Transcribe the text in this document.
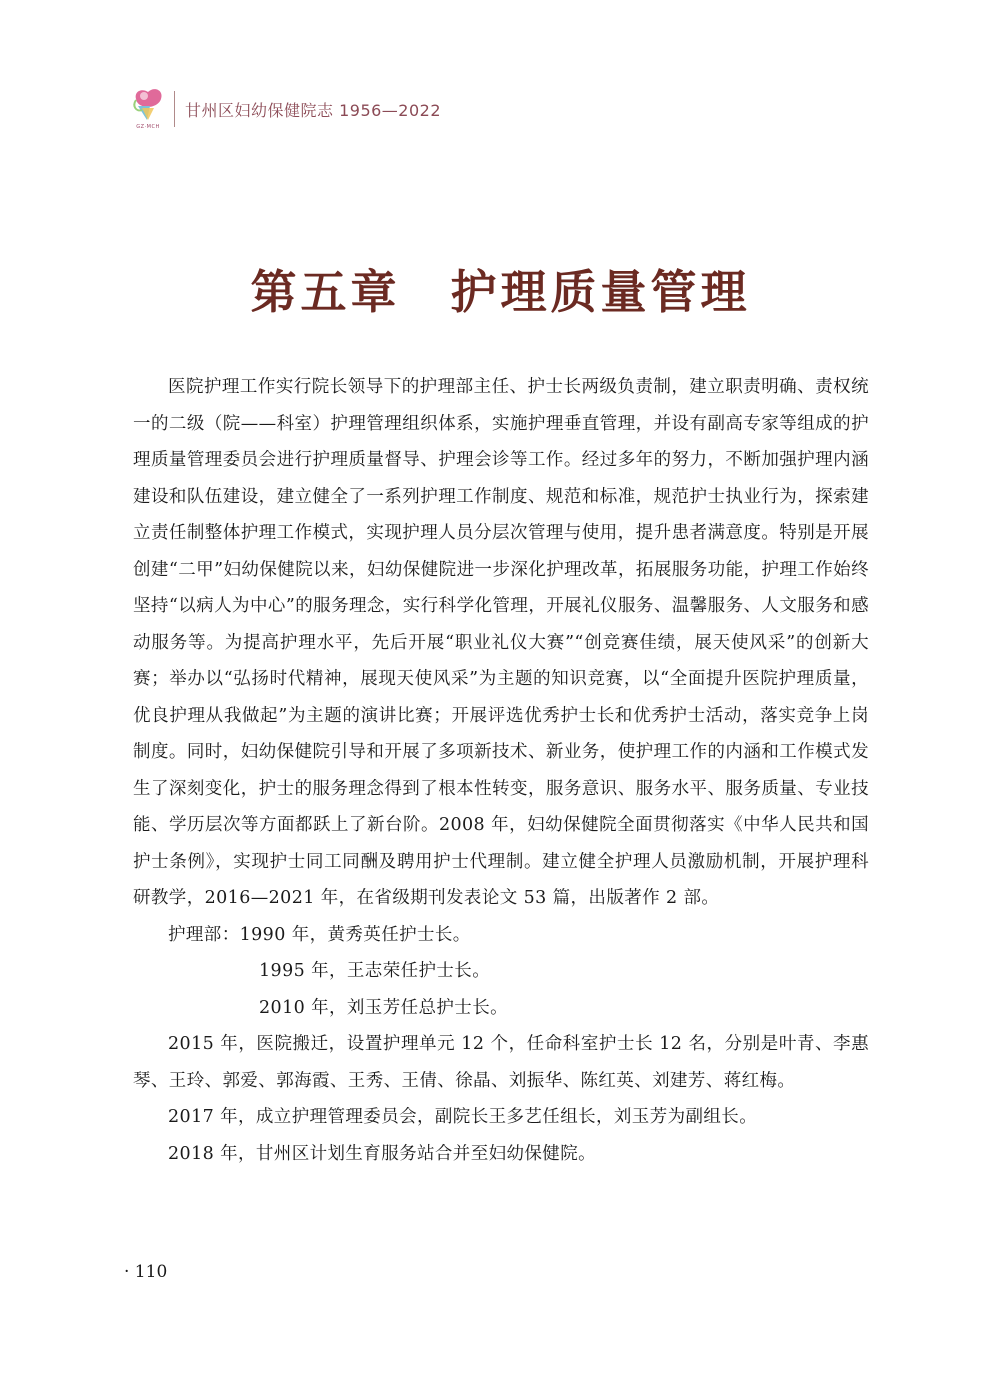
GZ·MCH
甘州区妇幼保健院志 1956—2022
第五章 护理质量管理

医院护理工作实行院长领导下的护理部主任、护士长两级负责制，建立职责明确、责权统一的二级（院——科室）护理管理组织体系，实施护理垂直管理，并设有副高专家等组成的护理质量管理委员会进行护理质量督导、护理会诊等工作。经过多年的努力，不断加强护理内涵建设和队伍建设，建立健全了一系列护理工作制度、规范和标准，规范护士执业行为，探索建立责任制整体护理工作模式，实现护理人员分层次管理与使用，提升患者满意度。特别是开展创建“二甲”妇幼保健院以来，妇幼保健院进一步深化护理改革，拓展服务功能，护理工作始终坚持“以病人为中心”的服务理念，实行科学化管理，开展礼仪服务、温馨服务、人文服务和感动服务等。为提高护理水平，先后开展“职业礼仪大赛”“创竞赛佳绩，展天使风采”的创新大赛；举办以“弘扬时代精神，展现天使风采”为主题的知识竞赛，以“全面提升医院护理质量，优良护理从我做起”为主题的演讲比赛；开展评选优秀护士长和优秀护士活动，落实竞争上岗制度。同时，妇幼保健院引导和开展了多项新技术、新业务，使护理工作的内涵和工作模式发生了深刻变化，护士的服务理念得到了根本性转变，服务意识、服务水平、服务质量、专业技能、学历层次等方面都跃上了新台阶。2008 年，妇幼保健院全面贯彻落实《中华人民共和国护士条例》，实现护士同工同酬及聘用护士代理制。建立健全护理人员激励机制，开展护理科研教学，2016—2021 年，在省级期刊发表论文 53 篇，出版著作 2 部。

护理部：1990 年，黄秀英任护士长。

1995 年，王志荣任护士长。

2010 年，刘玉芳任总护士长。

2015 年，医院搬迁，设置护理单元 12 个，任命科室护士长 12 名，分别是叶青、李惠琴、王玲、郭爱、郭海霞、王秀、王倩、徐晶、刘振华、陈红英、刘建芳、蒋红梅。

2017 年，成立护理管理委员会，副院长王多艺任组长，刘玉芳为副组长。

2018 年，甘州区计划生育服务站合并至妇幼保健院。

· 110
